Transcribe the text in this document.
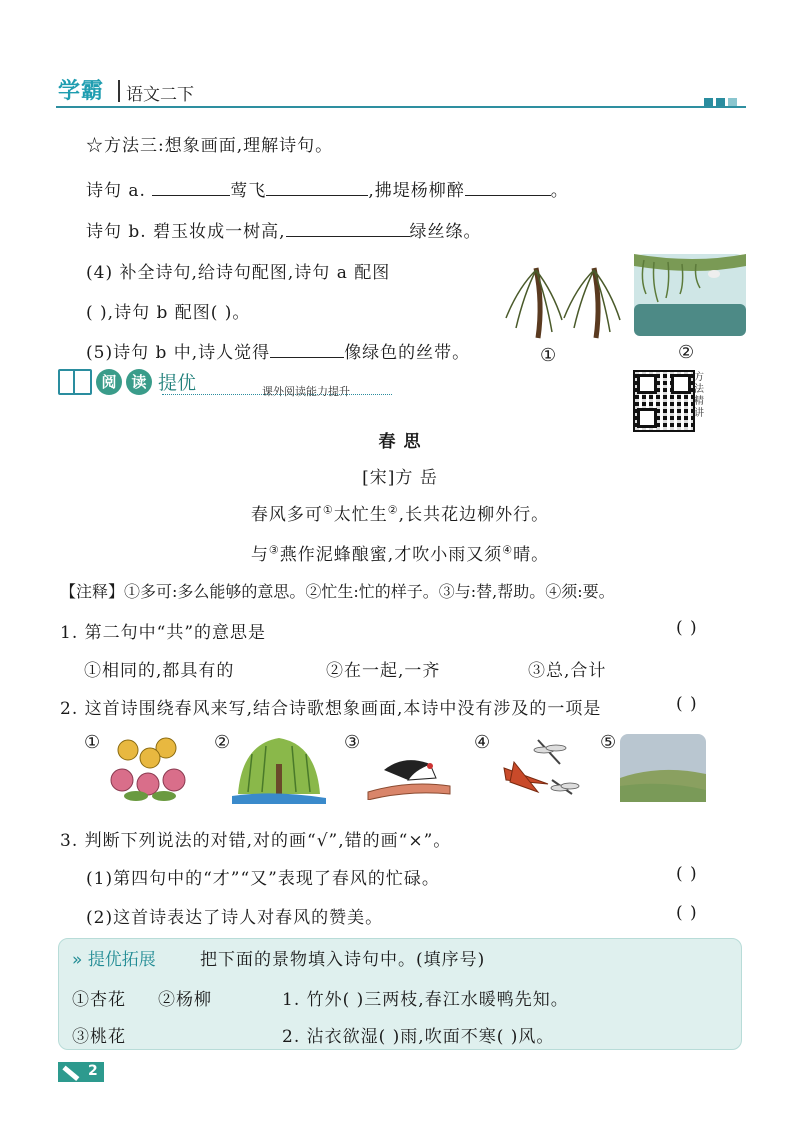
学霸 语文二下
☆方法三:想象画面,理解诗句。
诗句 a.	莺飞	,拂堤杨柳醉	。
诗句 b. 碧玉妆成一树高,	绿丝绦。
(4) 补全诗句,给诗句配图,诗句 a 配图
( ),诗句 b 配图( )。
(5)诗句 b 中,诗人觉得	像绿色的丝带。	①	②
阅 读 提优	课外阅读能力提升
方法精讲
春 思
[宋]方 岳
春风多可①太忙生②,长共花边柳外行。
与③燕作泥蜂酿蜜,才吹小雨又须④晴。
【注释】①多可:多么能够的意思。②忙生:忙的样子。③与:替,帮助。④须:要。
1. 第二句中“共”的意思是	( )
①相同的,都具有的	②在一起,一齐	③总,合计
2. 这首诗围绕春风来写,结合诗歌想象画面,本诗中没有涉及的一项是	( )
①	②	③	④	⑤
3. 判断下列说法的对错,对的画“√”,错的画“×”。
(1)第四句中的“才”“又”表现了春风的忙碌。	( )
(2)这首诗表达了诗人对春风的赞美。	( )
» 提优拓展	把下面的景物填入诗句中。(填序号)
①杏花 ②杨柳
③桃花
1. 竹外( )三两枝,春江水暖鸭先知。
2. 沾衣欲湿( )雨,吹面不寒( )风。
2
